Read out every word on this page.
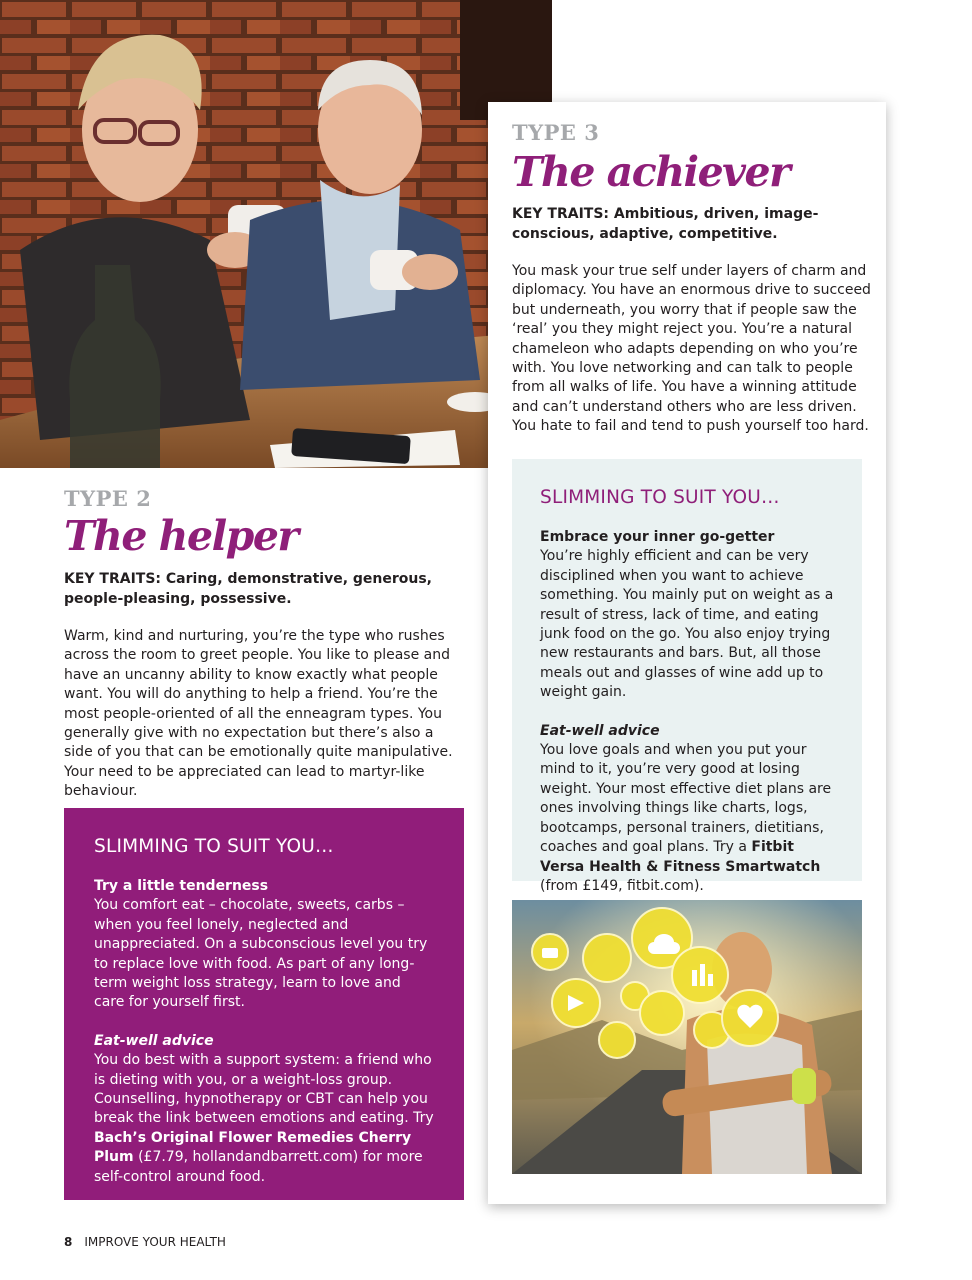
TYPE 3
The achiever
KEY TRAITS: Ambitious, driven, image-conscious, adaptive, competitive.
You mask your true self under layers of charm and diplomacy. You have an enormous drive to succeed but underneath, you worry that if people saw the ‘real’ you they might reject you. You’re a natural chameleon who adapts depending on who you’re with. You love networking and can talk to people from all walks of life. You have a winning attitude and can’t understand others who are less driven. You hate to fail and tend to push yourself too hard.
SLIMMING TO SUIT YOU…
Embrace your inner go-getter
You’re highly efficient and can be very disciplined when you want to achieve something. You mainly put on weight as a result of stress, lack of time, and eating junk food on the go. You also enjoy trying new restaurants and bars. But, all those meals out and glasses of wine add up to weight gain.
Eat-well advice
You love goals and when you put your mind to it, you’re very good at losing weight. Your most effective diet plans are ones involving things like charts, logs, bootcamps, personal trainers, dietitians, coaches and goal plans. Try a Fitbit Versa Health & Fitness Smartwatch (from £149, fitbit.com).
TYPE 2
The helper
KEY TRAITS: Caring, demonstrative, generous, people-pleasing, possessive.
Warm, kind and nurturing, you’re the type who rushes across the room to greet people. You like to please and have an uncanny ability to know exactly what people want. You will do anything to help a friend. You’re the most people-oriented of all the enneagram types. You generally give with no expectation but there’s also a side of you that can be emotionally quite manipulative. Your need to be appreciated can lead to martyr-like behaviour.
SLIMMING TO SUIT YOU…
Try a little tenderness
You comfort eat – chocolate, sweets, carbs – when you feel lonely, neglected and unappreciated. On a subconscious level you try to replace love with food. As part of any long-term weight loss strategy, learn to love and care for yourself first.
Eat-well advice
You do best with a support system: a friend who is dieting with you, or a weight-loss group. Counselling, hypnotherapy or CBT can help you break the link between emotions and eating. Try Bach’s Original Flower Remedies Cherry Plum (£7.79, hollandandbarrett.com) for more self-control around food.
8 IMPROVE YOUR HEALTH
